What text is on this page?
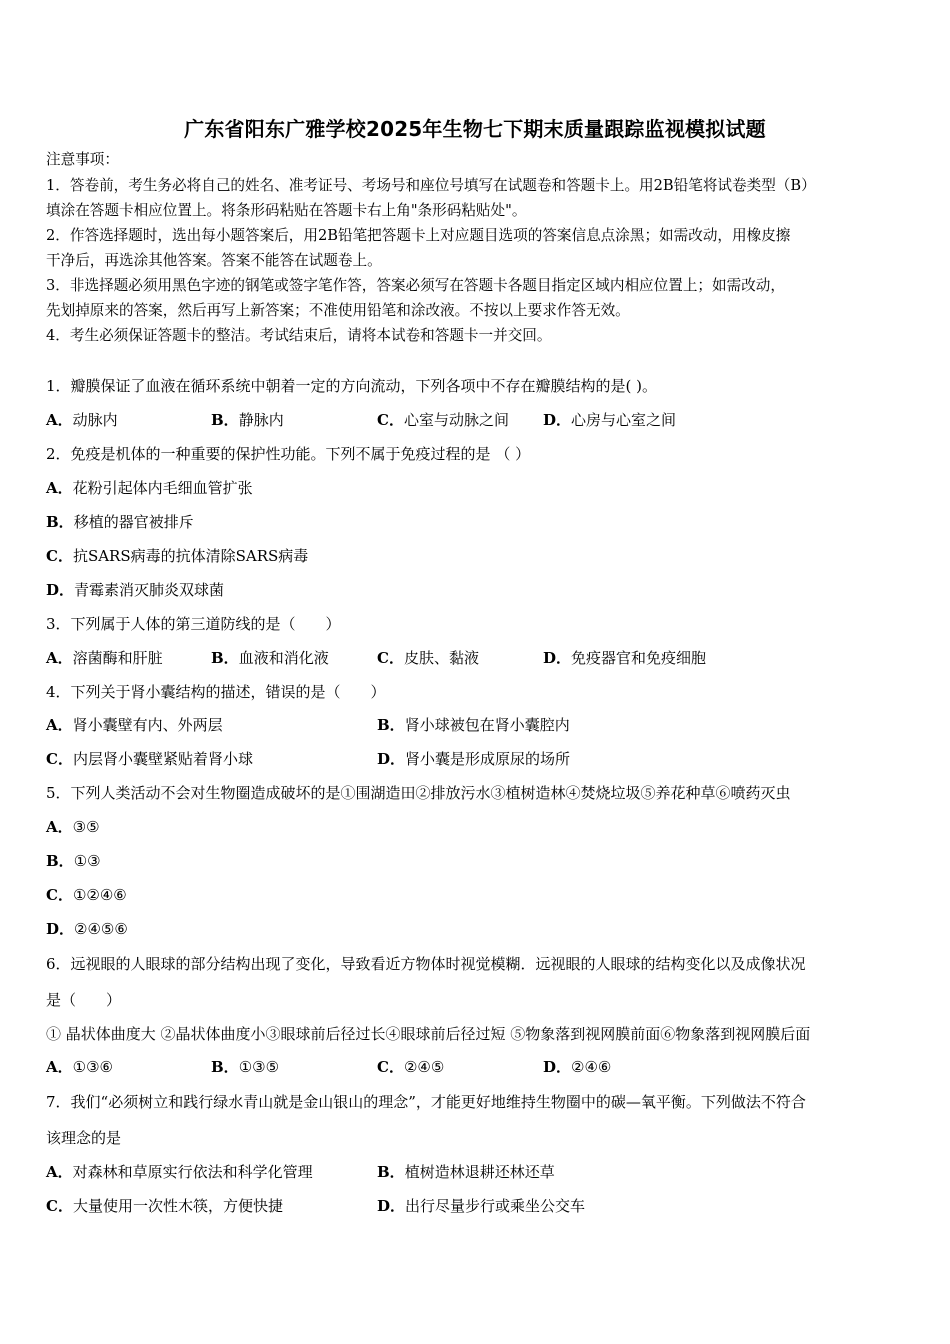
广东省阳东广雅学校2025年生物七下期末质量跟踪监视模拟试题
注意事项：
1．答卷前，考生务必将自己的姓名、准考证号、考场号和座位号填写在试题卷和答题卡上。用2B铅笔将试卷类型（B）
填涂在答题卡相应位置上。将条形码粘贴在答题卡右上角"条形码粘贴处"。
2．作答选择题时，选出每小题答案后，用2B铅笔把答题卡上对应题目选项的答案信息点涂黑；如需改动，用橡皮擦
干净后，再选涂其他答案。答案不能答在试题卷上。
3．非选择题必须用黑色字迹的钢笔或签字笔作答，答案必须写在答题卡各题目指定区域内相应位置上；如需改动，
先划掉原来的答案，然后再写上新答案；不准使用铅笔和涂改液。不按以上要求作答无效。
4．考生必须保证答题卡的整洁。考试结束后，请将本试卷和答题卡一并交回。
1．瓣膜保证了血液在循环系统中朝着一定的方向流动，下列各项中不存在瓣膜结构的是( )。
A．动脉内	B．静脉内	C．心室与动脉之间 D．心房与心室之间
2．免疫是机体的一种重要的保护性功能。下列不属于免疫过程的是 （ ）
A．花粉引起体内毛细血管扩张
B．移植的器官被排斥
C．抗SARS病毒的抗体清除SARS病毒
D．青霉素消灭肺炎双球菌
3．下列属于人体的第三道防线的是（　　）
A．溶菌酶和肝脏	B．血液和消化液	C．皮肤、黏液	D．免疫器官和免疫细胞
4．下列关于肾小囊结构的描述，错误的是（　　）
A．肾小囊壁有内、外两层	B．肾小球被包在肾小囊腔内
C．内层肾小囊壁紧贴着肾小球	D．肾小囊是形成原尿的场所
5．下列人类活动不会对生物圈造成破坏的是①围湖造田②排放污水③植树造林④焚烧垃圾⑤养花种草⑥喷药灭虫
A．③⑤
B．①③
C．①②④⑥
D．②④⑤⑥
6．远视眼的人眼球的部分结构出现了变化，导致看近方物体时视觉模糊．远视眼的人眼球的结构变化以及成像状况
是（　　）
① 晶状体曲度大 ②晶状体曲度小③眼球前后径过长④眼球前后径过短 ⑤物象落到视网膜前面⑥物象落到视网膜后面
A．①③⑥	B．①③⑤	C．②④⑤	D．②④⑥
7．我们“必须树立和践行绿水青山就是金山银山的理念”，才能更好地维持生物圈中的碳—氧平衡。下列做法不符合
该理念的是
A．对森林和草原实行依法和科学化管理	B．植树造林退耕还林还草
C．大量使用一次性木筷，方便快捷	D．出行尽量步行或乘坐公交车
